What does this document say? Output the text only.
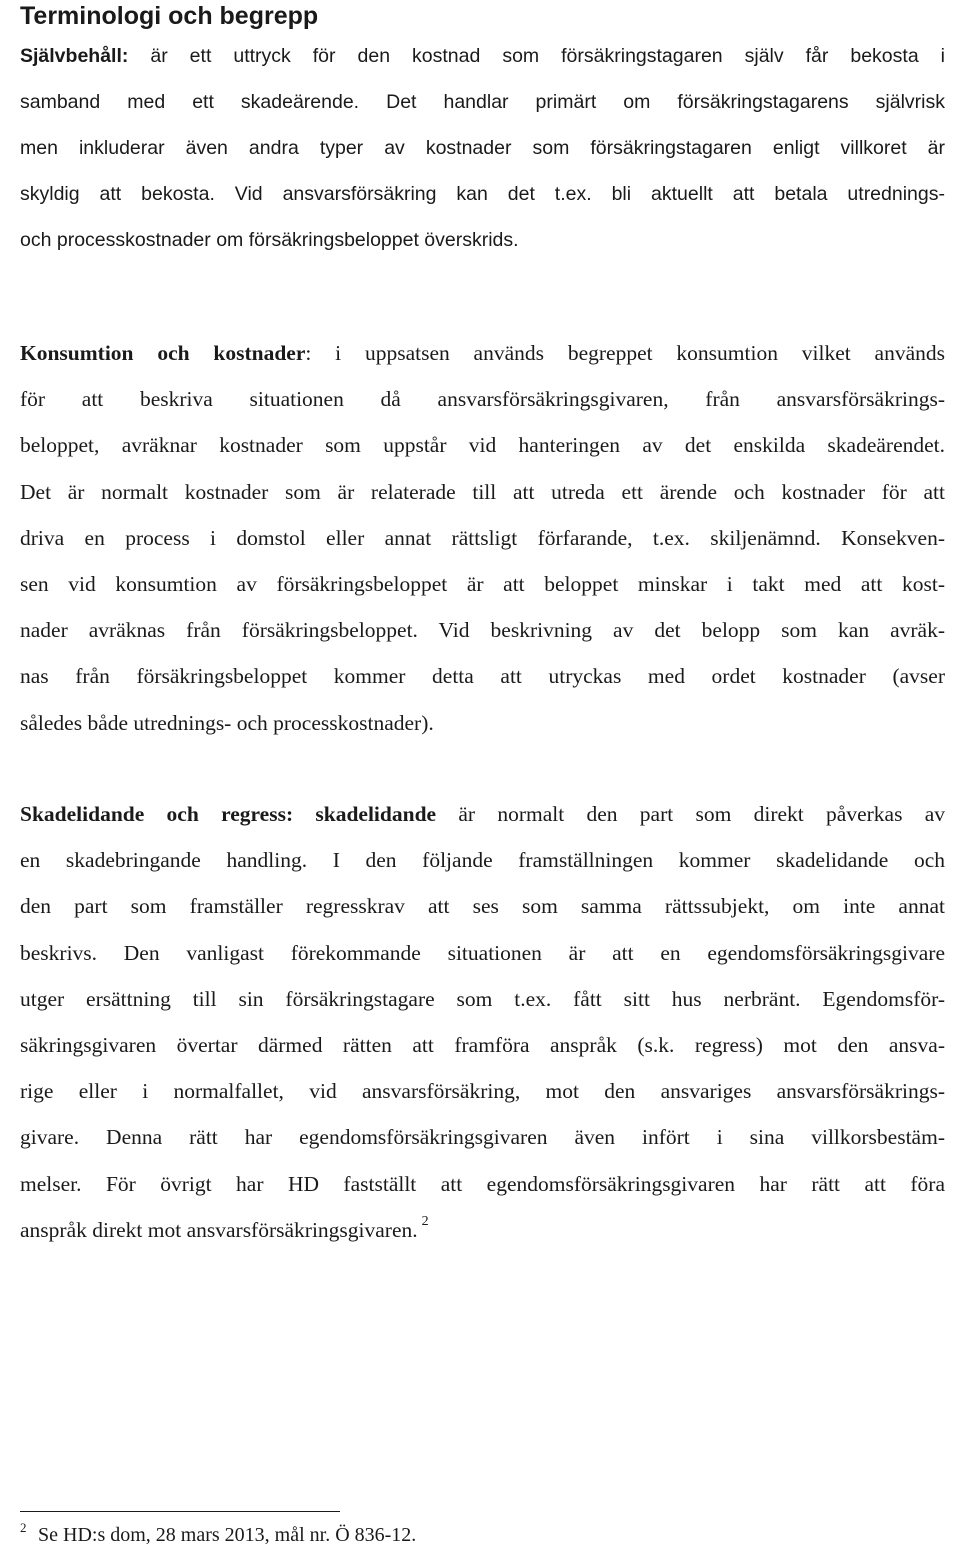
Terminologi och begrepp
Självbehåll: är ett uttryck för den kostnad som försäkringstagaren själv får bekosta i
samband med ett skadeärende. Det handlar primärt om försäkringstagarens självrisk
men inkluderar även andra typer av kostnader som försäkringstagaren enligt villkoret är
skyldig att bekosta. Vid ansvarsförsäkring kan det t.ex. bli aktuellt att betala utrednings-
och processkostnader om försäkringsbeloppet överskrids.
Konsumtion och kostnader: i uppsatsen används begreppet konsumtion vilket används
för att beskriva situationen då ansvarsförsäkringsgivaren, från ansvarsförsäkrings-
beloppet, avräknar kostnader som uppstår vid hanteringen av det enskilda skadeärendet.
Det är normalt kostnader som är relaterade till att utreda ett ärende och kostnader för att
driva en process i domstol eller annat rättsligt förfarande, t.ex. skiljenämnd. Konsekven-
sen vid konsumtion av försäkringsbeloppet är att beloppet minskar i takt med att kost-
nader avräknas från försäkringsbeloppet. Vid beskrivning av det belopp som kan avräk-
nas från försäkringsbeloppet kommer detta att utryckas med ordet kostnader (avser
således både utrednings- och processkostnader).
Skadelidande och regress: skadelidande är normalt den part som direkt påverkas av
en skadebringande handling. I den följande framställningen kommer skadelidande och
den part som framställer regresskrav att ses som samma rättssubjekt, om inte annat
beskrivs. Den vanligast förekommande situationen är att en egendomsförsäkringsgivare
utger ersättning till sin försäkringstagare som t.ex. fått sitt hus nerbränt. Egendomsför-
säkringsgivaren övertar därmed rätten att framföra anspråk (s.k. regress) mot den ansva-
rige eller i normalfallet, vid ansvarsförsäkring, mot den ansvariges ansvarsförsäkrings-
givare. Denna rätt har egendomsförsäkringsgivaren även infört i sina villkorsbestäm-
melser. För övrigt har HD fastställt att egendomsförsäkringsgivaren har rätt att föra
anspråk direkt mot ansvarsförsäkringsgivaren. $^2$
2 Se HD:s dom, 28 mars 2013, mål nr. Ö 836-12.
